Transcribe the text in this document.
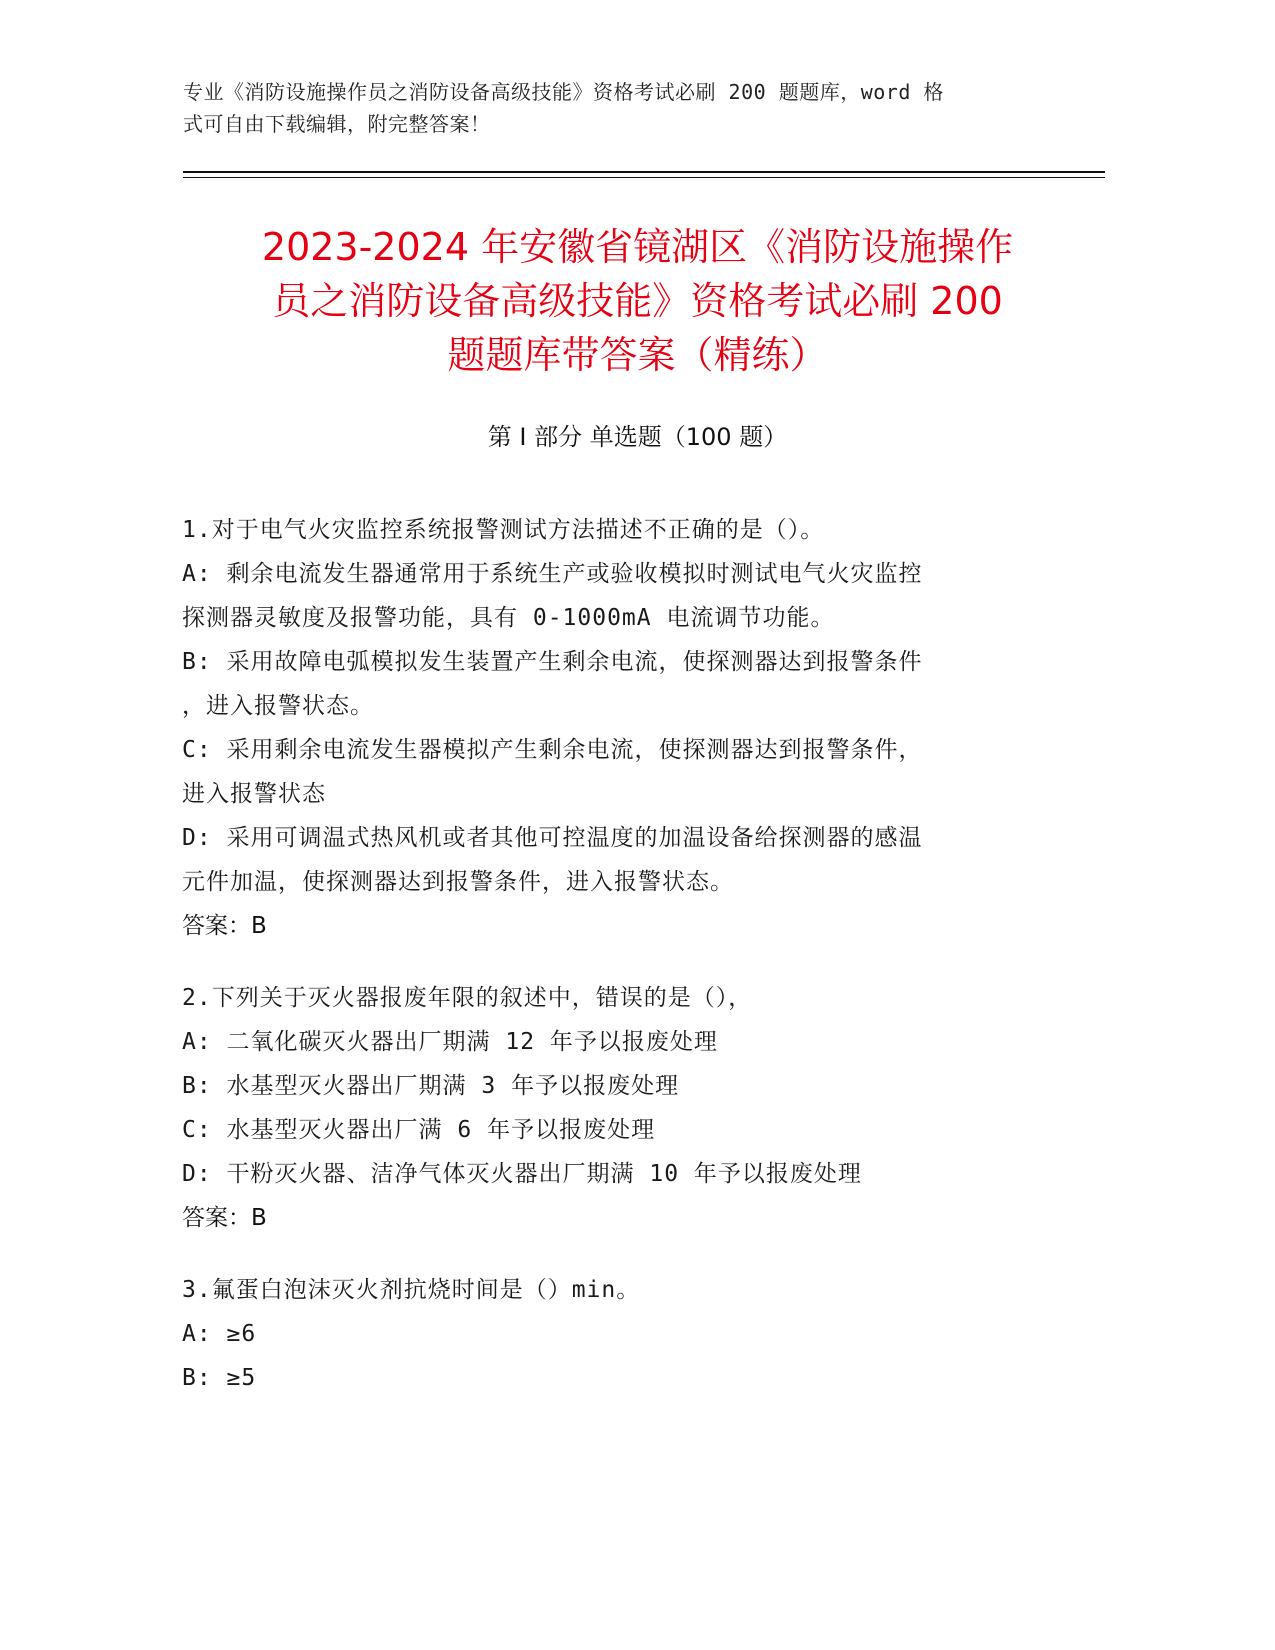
专业《消防设施操作员之消防设备高级技能》资格考试必刷 200 题题库，word 格
式可自由下载编辑，附完整答案！
2023-2024 年安徽省镜湖区《消防设施操作
员之消防设备高级技能》资格考试必刷 200
题题库带答案（精练）
第 I 部分 单选题（100 题）
1.对于电气火灾监控系统报警测试方法描述不正确的是（）。
A: 剩余电流发生器通常用于系统生产或验收模拟时测试电气火灾监控
探测器灵敏度及报警功能，具有 0-1000mA 电流调节功能。
B: 采用故障电弧模拟发生装置产生剩余电流，使探测器达到报警条件
，进入报警状态。
C: 采用剩余电流发生器模拟产生剩余电流，使探测器达到报警条件，
进入报警状态
D: 采用可调温式热风机或者其他可控温度的加温设备给探测器的感温
元件加温，使探测器达到报警条件，进入报警状态。
答案：B
2.下列关于灭火器报废年限的叙述中，错误的是（），
A: 二氧化碳灭火器出厂期满 12 年予以报废处理
B: 水基型灭火器出厂期满 3 年予以报废处理
C: 水基型灭火器出厂满 6 年予以报废处理
D: 干粉灭火器、洁净气体灭火器出厂期满 10 年予以报废处理
答案：B
3.氟蛋白泡沫灭火剂抗烧时间是（）min。
A: ≥6
B: ≥5
